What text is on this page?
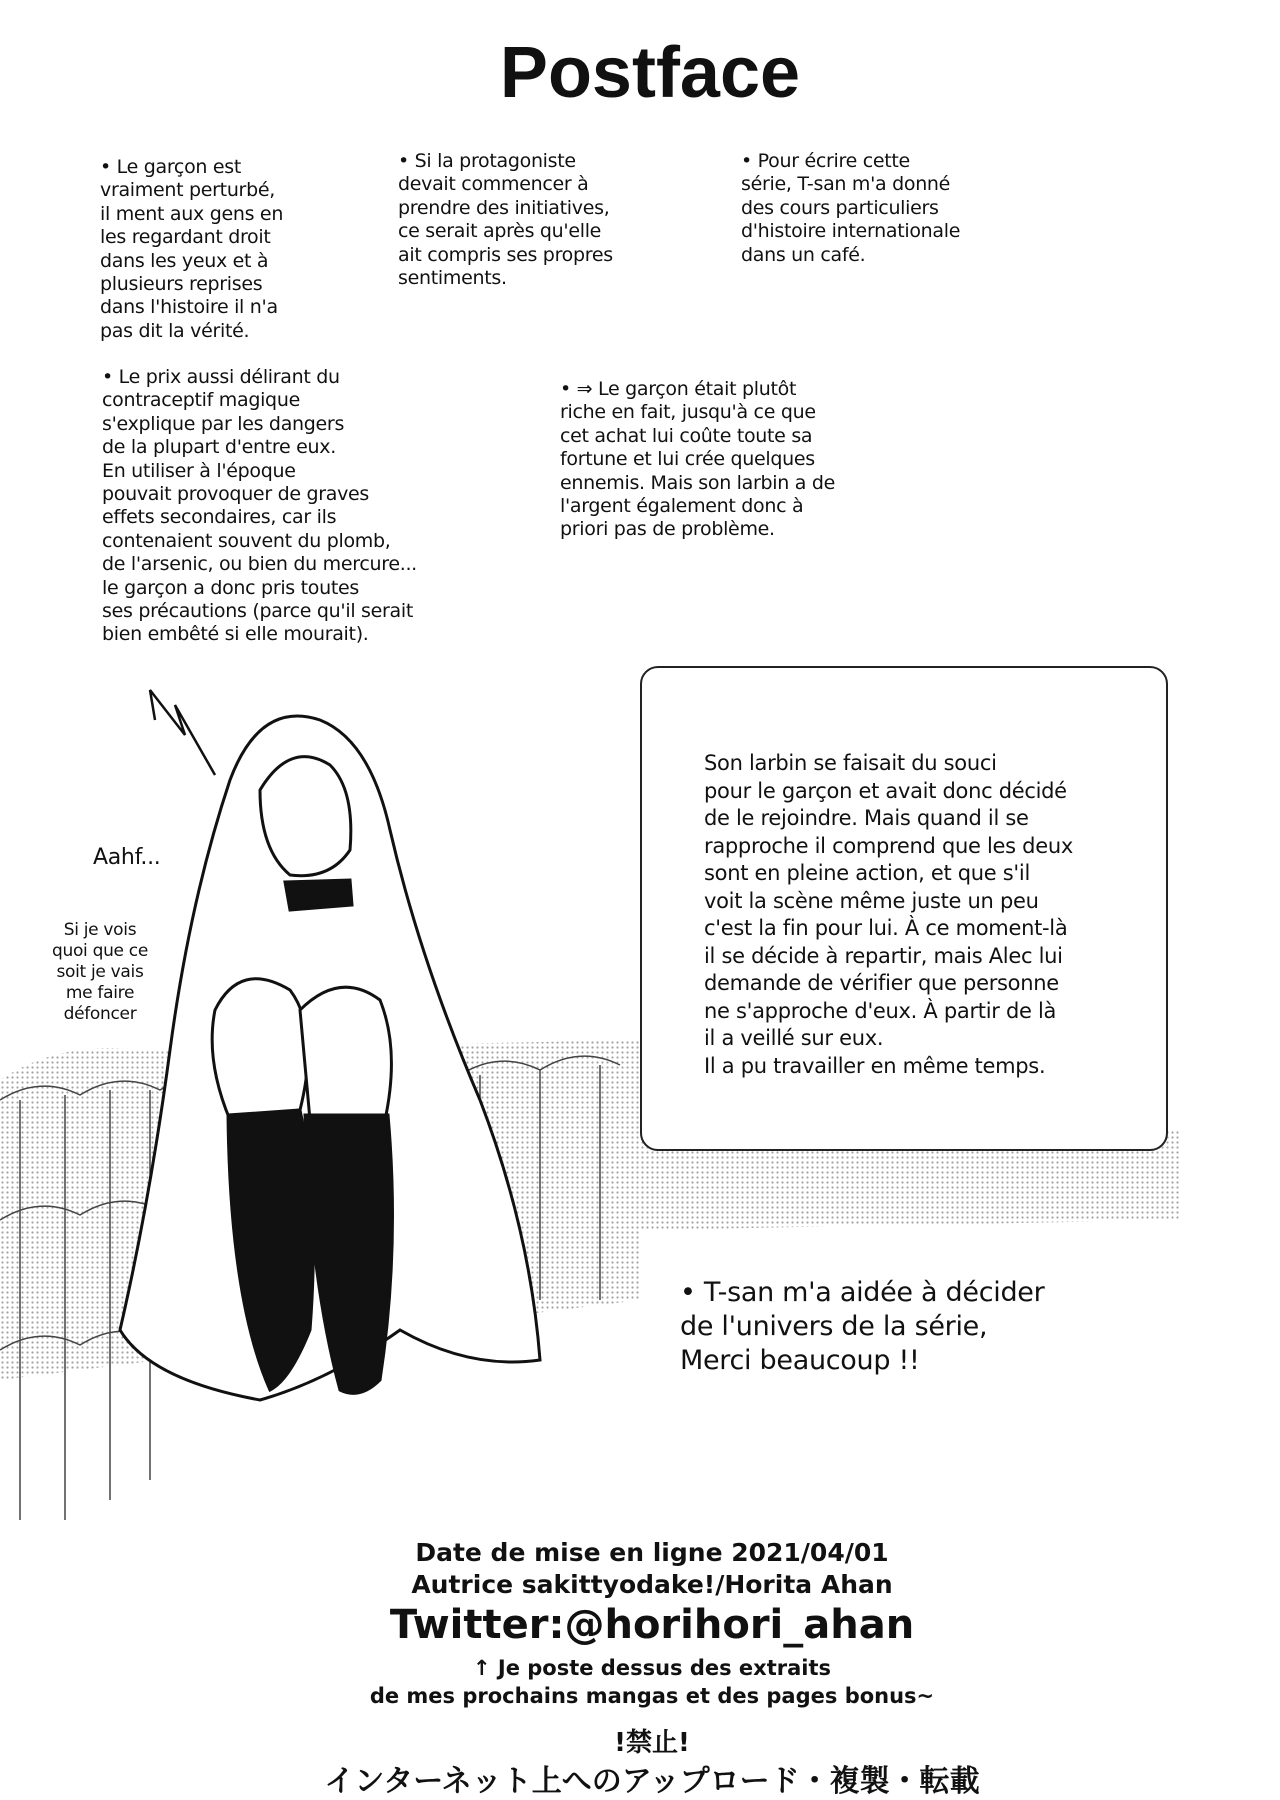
Postface
• Le garçon est
vraiment perturbé,
il ment aux gens en
les regardant droit
dans les yeux et à
plusieurs reprises
dans l'histoire il n'a
pas dit la vérité.
• Si la protagoniste
devait commencer à
prendre des initiatives,
ce serait après qu'elle
ait compris ses propres
sentiments.
• Pour écrire cette
série, T-san m'a donné
des cours particuliers
d'histoire internationale
dans un café.
• Le prix aussi délirant du
contraceptif magique
s'explique par les dangers
de la plupart d'entre eux.
En utiliser à l'époque
pouvait provoquer de graves
effets secondaires, car ils
contenaient souvent du plomb,
de l'arsenic, ou bien du mercure...
le garçon a donc pris toutes
ses précautions (parce qu'il serait
bien embêté si elle mourait).
• ⇒ Le garçon était plutôt
riche en fait, jusqu'à ce que
cet achat lui coûte toute sa
fortune et lui crée quelques
ennemis. Mais son larbin a de
l'argent également donc à
priori pas de problème.
Son larbin se faisait du souci
pour le garçon et avait donc décidé
de le rejoindre. Mais quand il se
rapproche il comprend que les deux
sont en pleine action, et que s'il
voit la scène même juste un peu
c'est la fin pour lui. À ce moment-là
il se décide à repartir, mais Alec lui
demande de vérifier que personne
ne s'approche d'eux. À partir de là
il a veillé sur eux.
Il a pu travailler en même temps.
Aahf...
Si je vois
quoi que ce
soit je vais
me faire
défoncer
• T-san m'a aidée à décider
de l'univers de la série,
Merci beaucoup !!
Date de mise en ligne 2021/04/01
Autrice sakittyodake!/Horita Ahan
Twitter:@horihori_ahan
↑ Je poste dessus des extraits
de mes prochains mangas et des pages bonus~
!禁止!
インターネット上へのアップロード・複製・転載
